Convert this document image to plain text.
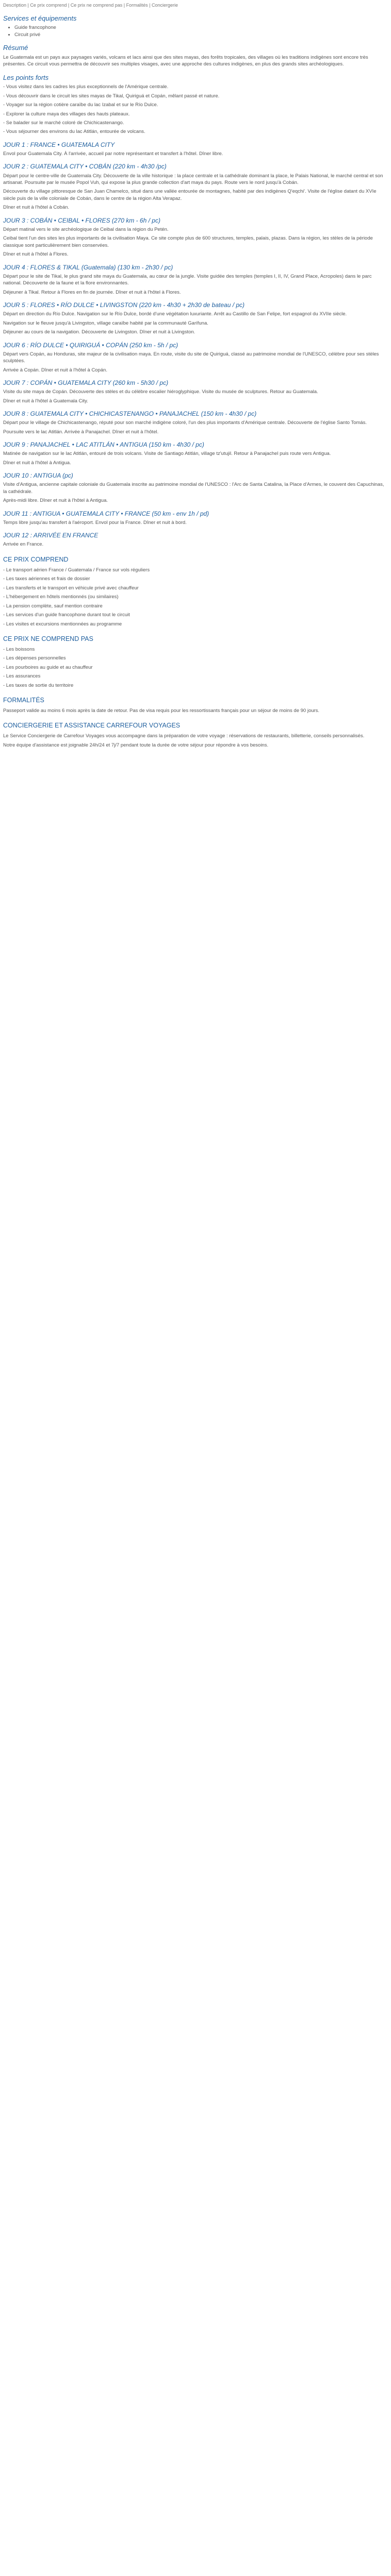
Description | Ce prix comprend | Ce prix ne comprend pas | Formalités | Conciergerie
Services et équipements
• Guide francophone
• Circuit privé
Résumé

Le Guatemala est un pays aux paysages variés, volcans et lacs ainsi que des sites mayas, des forêts tropicales, des villages où les traditions indigènes sont encore très présentes. Ce circuit vous permettra de découvrir ses multiples visages, avec une approche des cultures indigènes, en plus des grands sites archéologiques.

Les points forts

- Vous visitez dans les cadres les plus exceptionnels de l'Amérique centrale.

- Vous découvrir dans le circuit les sites mayas de Tikal, Quiriguá et Copán, mêlant passé et nature.

- Voyager sur la région cotière caraïbe du lac Izabal et sur le Río Dulce.

- Explorer la culture maya des villages des hauts plateaux.

- Se balader sur le marché coloré de Chichicastenango.

- Vous séjourner des environs du lac Atitlán, entourée de volcans.

JOUR 1 : FRANCE • GUATEMALA CITY

Envol pour Guatemala City. À l'arrivée, accueil par notre représentant et transfert à l'hôtel. Dîner libre.

JOUR 2 : GUATEMALA CITY • COBÁN (220 km - 4h30 /pc)

Départ pour le centre-ville de Guatemala City. Découverte de la ville historique : la place centrale et la cathédrale dominant la place, le Palais National, le marché central et son artisanat. Poursuite par le musée Popol Vuh, qui expose la plus grande collection d'art maya du pays. Route vers le nord jusqu'à Cobán.

Découverte du village pittoresque de San Juan Chamelco, situé dans une vallée entourée de montagnes, habité par des indigènes Q'eqchi'. Visite de l'église datant du XVIe siècle puis de la ville coloniale de Cobán, dans le centre de la région Alta Verapaz.

Dîner et nuit à l'hôtel à Cobán.

JOUR 3 : COBÁN • CEIBAL • FLORES (270 km - 6h / pc)

Départ matinal vers le site archéologique de Ceibal dans la région du Petén.

Ceibal tient l'un des sites les plus importants de la civilisation Maya. Ce site compte plus de 600 structures, temples, palais, plazas. Dans la région, les stèles de la période classique sont particulièrement bien conservées.

Dîner et nuit à l'hôtel à Flores.

JOUR 4 : FLORES & TIKAL (Guatemala) (130 km - 2h30 / pc)

Départ pour le site de Tikal, le plus grand site maya du Guatemala, au cœur de la jungle. Visite guidée des temples (temples I, II, IV, Grand Place, Acropoles) dans le parc national. Découverte de la faune et la flore environnantes.

Déjeuner à Tikal. Retour à Flores en fin de journée. Dîner et nuit à l'hôtel à Flores.

JOUR 5 : FLORES • RÍO DULCE • LIVINGSTON (220 km - 4h30 + 2h30 de bateau / pc)

Départ en direction du Río Dulce. Navigation sur le Río Dulce, bordé d'une végétation luxuriante. Arrêt au Castillo de San Felipe, fort espagnol du XVIIe siècle.

Navigation sur le fleuve jusqu'à Livingston, village caraïbe habité par la communauté Garífuna.

Déjeuner au cours de la navigation. Découverte de Livingston. Dîner et nuit à Livingston.

JOUR 6 : RÍO DULCE • QUIRIGUÁ • COPÁN (250 km - 5h / pc)

Départ vers Copán, au Honduras, site majeur de la civilisation maya. En route, visite du site de Quiriguá, classé au patrimoine mondial de l'UNESCO, célèbre pour ses stèles sculptées.

Arrivée à Copán. Dîner et nuit à l'hôtel à Copán.

JOUR 7 : COPÁN • GUATEMALA CITY (260 km - 5h30 / pc)

Visite du site maya de Copán. Découverte des stèles et du célèbre escalier hiéroglyphique. Visite du musée de sculptures. Retour au Guatemala.

Dîner et nuit à l'hôtel à Guatemala City.

JOUR 8 : GUATEMALA CITY • CHICHICASTENANGO • PANAJACHEL (150 km - 4h30 / pc)

Départ pour le village de Chichicastenango, réputé pour son marché indigène coloré, l'un des plus importants d'Amérique centrale. Découverte de l'église Santo Tomás.

Poursuite vers le lac Atitlán. Arrivée à Panajachel. Dîner et nuit à l'hôtel.

JOUR 9 : PANAJACHEL • LAC ATITLÁN • ANTIGUA (150 km - 4h30 / pc)

Matinée de navigation sur le lac Atitlán, entouré de trois volcans. Visite de Santiago Atitlán, village tz'utujil. Retour à Panajachel puis route vers Antigua.

Dîner et nuit à l'hôtel à Antigua.

JOUR 10 : ANTIGUA (pc)

Visite d'Antigua, ancienne capitale coloniale du Guatemala inscrite au patrimoine mondial de l'UNESCO : l'Arc de Santa Catalina, la Place d'Armes, le couvent des Capuchinas, la cathédrale.

Après-midi libre. Dîner et nuit à l'hôtel à Antigua.

JOUR 11 : ANTIGUA • GUATEMALA CITY • FRANCE (50 km - env 1h / pd)

Temps libre jusqu'au transfert à l'aéroport. Envol pour la France. Dîner et nuit à bord.

JOUR 12 : ARRIVÉE EN FRANCE

Arrivée en France.

CE PRIX COMPREND

- Le transport aérien France / Guatemala / France sur vols réguliers

- Les taxes aériennes et frais de dossier

- Les transferts et le transport en véhicule privé avec chauffeur

- L'hébergement en hôtels mentionnés (ou similaires)

- La pension complète, sauf mention contraire

- Les services d'un guide francophone durant tout le circuit

- Les visites et excursions mentionnées au programme

CE PRIX NE COMPREND PAS

- Les boissons

- Les dépenses personnelles

- Les pourboires au guide et au chauffeur

- Les assurances

- Les taxes de sortie du territoire

FORMALITÉS

Passeport valide au moins 6 mois après la date de retour. Pas de visa requis pour les ressortissants français pour un séjour de moins de 90 jours.

CONCIERGERIE ET ASSISTANCE CARREFOUR VOYAGES

Le Service Conciergerie de Carrefour Voyages vous accompagne dans la préparation de votre voyage : réservations de restaurants, billetterie, conseils personnalisés.

Notre équipe d'assistance est joignable 24h/24 et 7j/7 pendant toute la durée de votre séjour pour répondre à vos besoins.
